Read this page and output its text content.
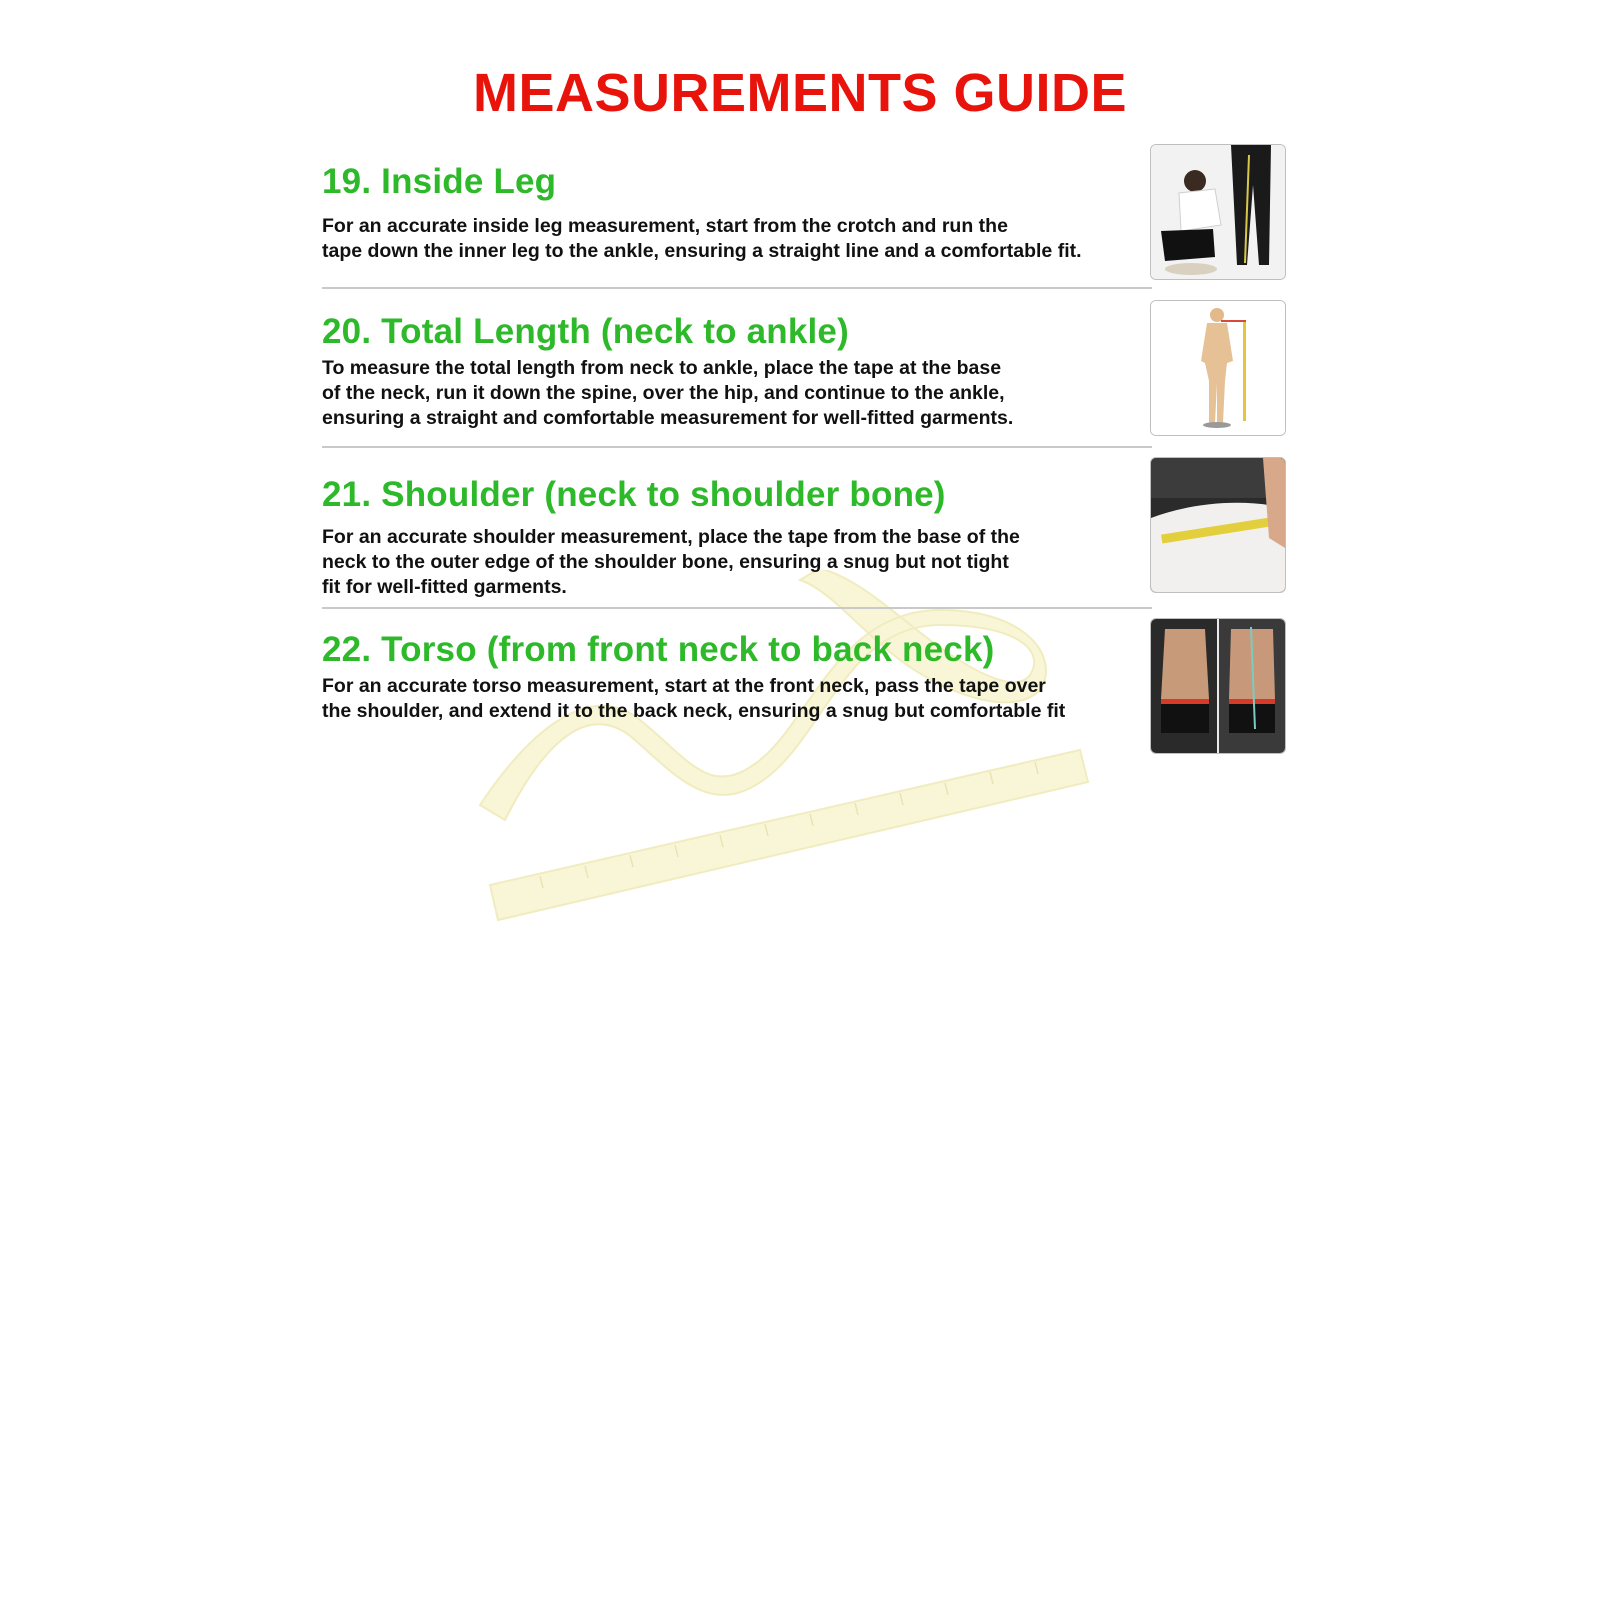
MEASUREMENTS GUIDE
19. Inside Leg

For an accurate inside leg measurement, start from the crotch and run the
tape down the inner leg to the ankle, ensuring a straight line and a comfortable fit.

20. Total Length (neck to ankle)

To measure the total length from neck to ankle, place the tape at the base
of the neck, run it down the spine, over the hip, and continue to the ankle,
ensuring a straight and comfortable measurement for well-fitted garments.

21. Shoulder (neck to shoulder bone)

For an accurate shoulder measurement, place the tape from the base of the
neck to the outer edge of the shoulder bone, ensuring a snug but not tight
fit for well-fitted garments.

22. Torso (from front neck to back neck)

For an accurate torso measurement, start at the front neck, pass the tape over
the shoulder, and extend it to the back neck, ensuring a snug but comfortable fit
